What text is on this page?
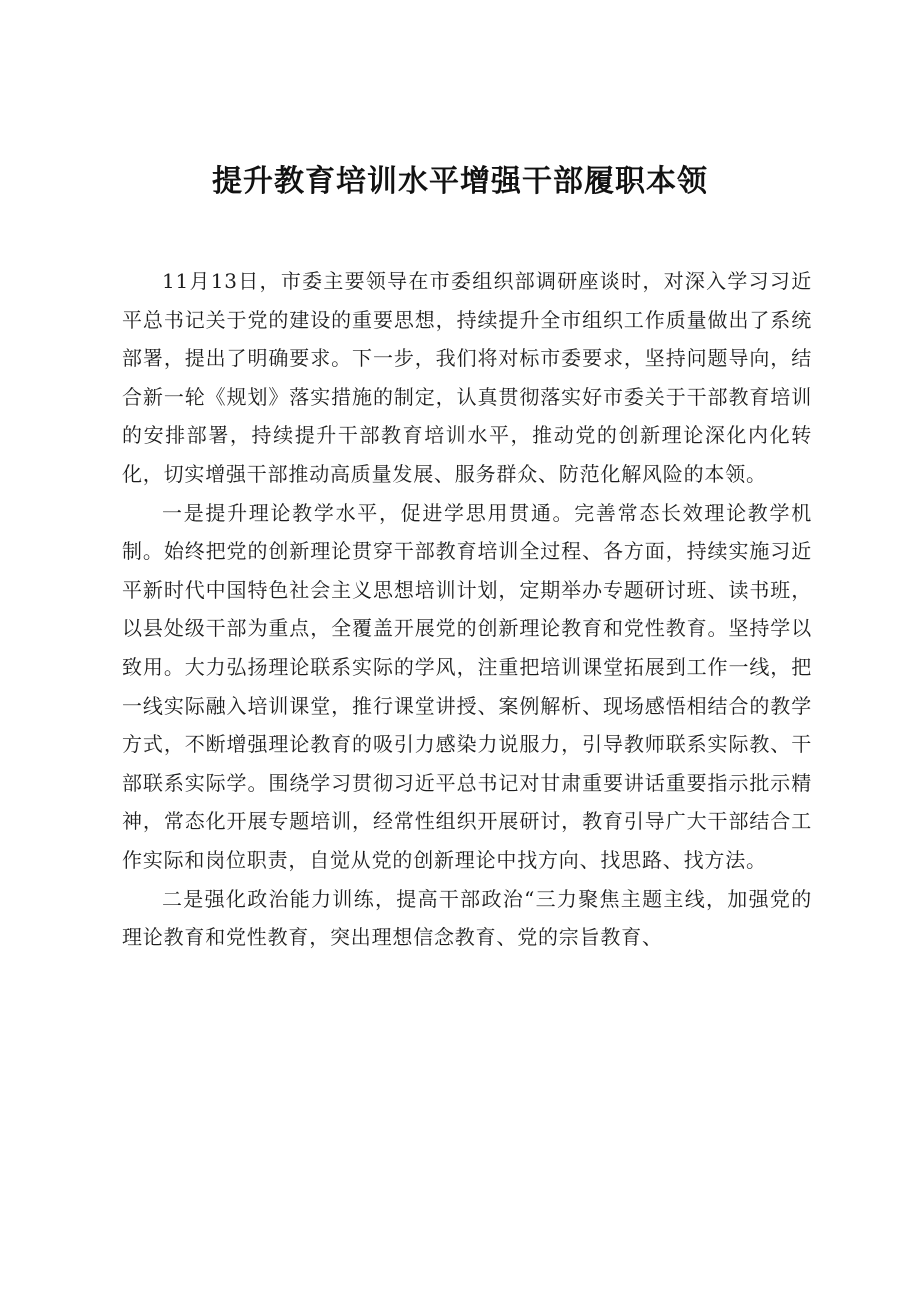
提升教育培训水平增强干部履职本领

11月13日，市委主要领导在市委组织部调研座谈时，对深入学习习近平总书记关于党的建设的重要思想，持续提升全市组织工作质量做出了系统部署，提出了明确要求。下一步，我们将对标市委要求，坚持问题导向，结合新一轮《规划》落实措施的制定，认真贯彻落实好市委关于干部教育培训的安排部署，持续提升干部教育培训水平，推动党的创新理论深化内化转化，切实增强干部推动高质量发展、服务群众、防范化解风险的本领。

一是提升理论教学水平，促进学思用贯通。完善常态长效理论教学机制。始终把党的创新理论贯穿干部教育培训全过程、各方面，持续实施习近平新时代中国特色社会主义思想培训计划，定期举办专题研讨班、读书班，以县处级干部为重点，全覆盖开展党的创新理论教育和党性教育。坚持学以致用。大力弘扬理论联系实际的学风，注重把培训课堂拓展到工作一线，把一线实际融入培训课堂，推行课堂讲授、案例解析、现场感悟相结合的教学方式，不断增强理论教育的吸引力感染力说服力，引导教师联系实际教、干部联系实际学。围绕学习贯彻习近平总书记对甘肃重要讲话重要指示批示精神，常态化开展专题培训，经常性组织开展研讨，教育引导广大干部结合工作实际和岗位职责，自觉从党的创新理论中找方向、找思路、找方法。

二是强化政治能力训练，提高干部政治“三力聚焦主题主线，加强党的理论教育和党性教育，突出理想信念教育、党的宗旨教育、
